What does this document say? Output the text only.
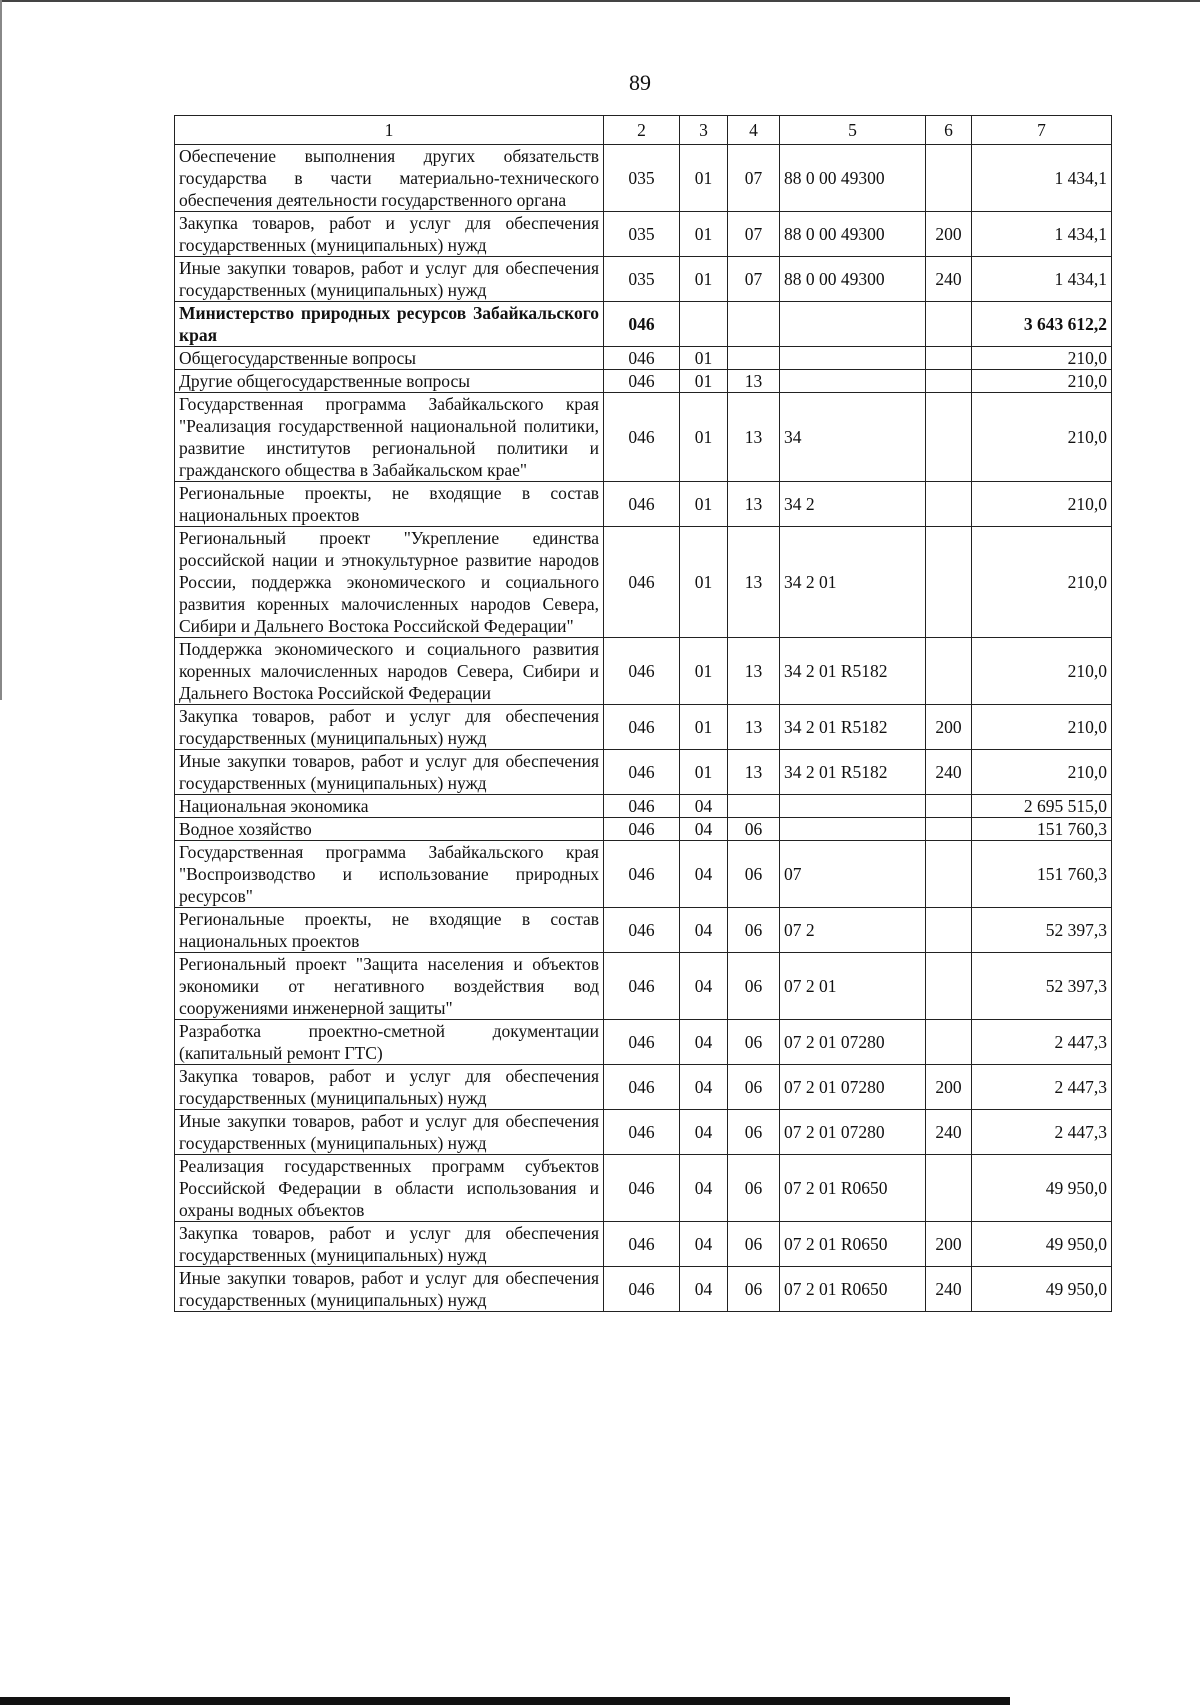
89
1	2	3	4	5	6	7
Обеспечение выполнения других обязательств государства в части материально-технического обеспечения деятельности государственного органа	035	01	07	88 0 00 49300		1 434,1
Закупка товаров, работ и услуг для обеспечения государственных (муниципальных) нужд	035	01	07	88 0 00 49300	200	1 434,1
Иные закупки товаров, работ и услуг для обеспечения государственных (муниципальных) нужд	035	01	07	88 0 00 49300	240	1 434,1
Министерство природных ресурсов Забайкальского края	046					3 643 612,2
Общегосударственные вопросы	046	01				210,0
Другие общегосударственные вопросы	046	01	13			210,0
Государственная программа Забайкальского края "Реализация государственной национальной политики, развитие институтов региональной политики и гражданского общества в Забайкальском крае"	046	01	13	34		210,0
Региональные проекты, не входящие в состав национальных проектов	046	01	13	34 2		210,0
Региональный проект "Укрепление единства российской нации и этнокультурное развитие народов России, поддержка экономического и социального развития коренных малочисленных народов Севера, Сибири и Дальнего Востока Российской Федерации"	046	01	13	34 2 01		210,0
Поддержка экономического и социального развития коренных малочисленных народов Севера, Сибири и Дальнего Востока Российской Федерации	046	01	13	34 2 01 R5182		210,0
Закупка товаров, работ и услуг для обеспечения государственных (муниципальных) нужд	046	01	13	34 2 01 R5182	200	210,0
Иные закупки товаров, работ и услуг для обеспечения государственных (муниципальных) нужд	046	01	13	34 2 01 R5182	240	210,0
Национальная экономика	046	04				2 695 515,0
Водное хозяйство	046	04	06			151 760,3
Государственная программа Забайкальского края "Воспроизводство и использование природных ресурсов"	046	04	06	07		151 760,3
Региональные проекты, не входящие в состав национальных проектов	046	04	06	07 2		52 397,3
Региональный проект "Защита населения и объектов экономики от негативного воздействия вод сооружениями инженерной защиты"	046	04	06	07 2 01		52 397,3
Разработка проектно-сметной документации (капитальный ремонт ГТС)	046	04	06	07 2 01 07280		2 447,3
Закупка товаров, работ и услуг для обеспечения государственных (муниципальных) нужд	046	04	06	07 2 01 07280	200	2 447,3
Иные закупки товаров, работ и услуг для обеспечения государственных (муниципальных) нужд	046	04	06	07 2 01 07280	240	2 447,3
Реализация государственных программ субъектов Российской Федерации в области использования и охраны водных объектов	046	04	06	07 2 01 R0650		49 950,0
Закупка товаров, работ и услуг для обеспечения государственных (муниципальных) нужд	046	04	06	07 2 01 R0650	200	49 950,0
Иные закупки товаров, работ и услуг для обеспечения государственных (муниципальных) нужд	046	04	06	07 2 01 R0650	240	49 950,0
